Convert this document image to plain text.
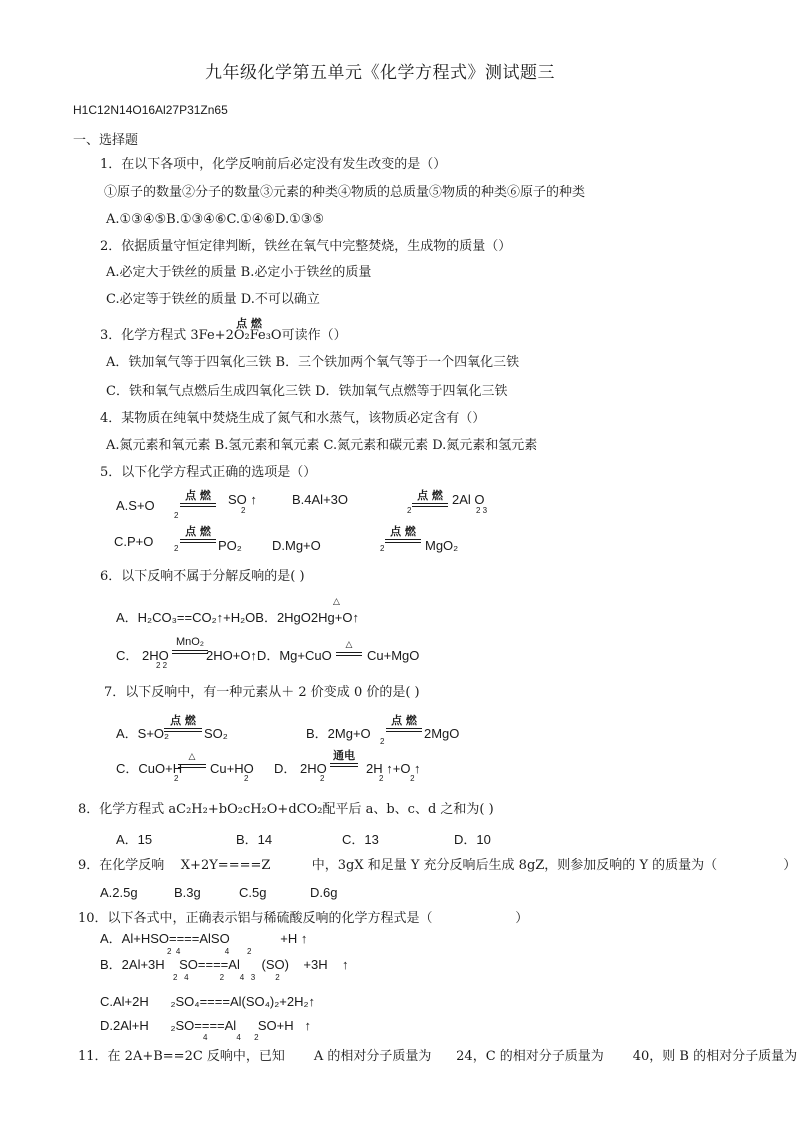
九年级化学第五单元《化学方程式》测试题三
H1C12N14O16Al27P31Zn65
一、选择题
1．在以下各项中，化学反响前后必定没有发生改变的是（）
①原子的数量②分子的数量③元素的种类④物质的总质量⑤物质的种类⑥原子的种类
A.①③④⑤B.①③④⑥C.①④⑥D.①③⑤
2．依据质量守恒定律判断，铁丝在氧气中完整焚烧，生成物的质量（）
A.必定大于铁丝的质量 B.必定小于铁丝的质量
C.必定等于铁丝的质量 D.不可以确立
3．化学方程式 3Fe+2O₂Fe₃O可读作（）
点 燃
A．铁加氧气等于四氧化三铁 B．三个铁加两个氧气等于一个四氧化三铁
C．铁和氧气点燃后生成四氧化三铁 D．铁加氧气点燃等于四氧化三铁
4．某物质在纯氧中焚烧生成了氮气和水蒸气，该物质必定含有（）
A.氮元素和氧元素 B.氢元素和氧元素 C.氮元素和碳元素 D.氮元素和氢元素
5．以下化学方程式正确的选项是（）
A.S+O
2
点 燃	SO ↑
2
B.4Al+3O
2
点 燃 2Al O
2 3
C.P+O	2
点 燃
PO₂ D.Mg+O	2
点 燃
MgO₂
6．以下反响不属于分解反响的是( )
A．H₂CO₃==CO₂↑+H₂OB．2HgO2Hg+O↑
△
C． 2HO
2 2
MnO₂
2HO+O↑D．Mg+CuO
△
Cu+MgO
7．以下反响中，有一种元素从＋ 2 价变成 0 价的是( )
A．S+O₂
点 燃
SO₂	B．2Mg+O
2
点 燃
2MgO
C．CuO+H
2
△
Cu+HO
2
D． 2HO
2
通电
2H ↑+O ↑
2            2
8．化学方程式 aC₂H₂+bO₂cH₂O+dCO₂配平后 a、b、c、d 之和为( )
A．15	B．14	C．13	D．10
9．在化学反响    X+2Y====Z          中，3gX 和足量 Y 充分反响后生成 8gZ，则参加反响的 Y 的质量为（                ）
A.2.5g	B.3g	C.5g	D.6g
10．以下各式中，正确表示铝与稀硫酸反响的化学方程式是（                    ）
A．Al+HSO====AlSO              +H ↑
2  4                    4        2
B．2Al+3H    SO====Al      (SO)    +3H    ↑
2   4              2       4   3         2
C.Al+2H      ₂SO₄====Al(SO₄)₂+2H₂↑
D.2Al+H      ₂SO====Al      SO+H   ↑
4             4      2
11．在 2A+B==2C 反响中，已知       A 的相对分子质量为      24，C 的相对分子质量为       40，则 B 的相对分子质量为
